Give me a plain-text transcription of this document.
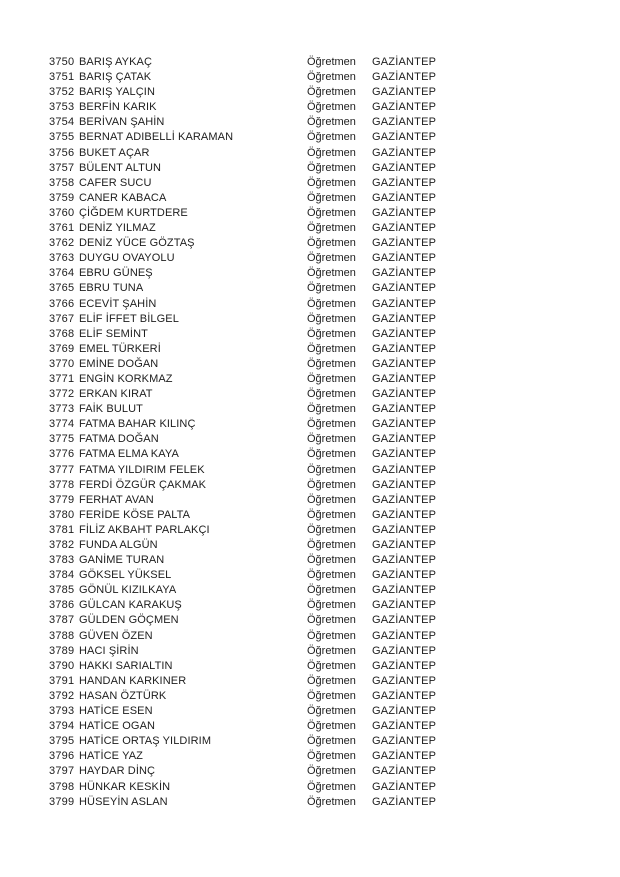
3750 BARIŞ AYKAÇ	Öğretmen	GAZİANTEP
3751 BARIŞ ÇATAK	Öğretmen	GAZİANTEP
3752 BARIŞ YALÇIN	Öğretmen	GAZİANTEP
3753 BERFİN KARIK	Öğretmen	GAZİANTEP
3754 BERİVAN ŞAHİN	Öğretmen	GAZİANTEP
3755 BERNAT ADIBELLİ KARAMAN	Öğretmen	GAZİANTEP
3756 BUKET AÇAR	Öğretmen	GAZİANTEP
3757 BÜLENT ALTUN	Öğretmen	GAZİANTEP
3758 CAFER SUCU	Öğretmen	GAZİANTEP
3759 CANER KABACA	Öğretmen	GAZİANTEP
3760 ÇİĞDEM KURTDERE	Öğretmen	GAZİANTEP
3761 DENİZ YILMAZ	Öğretmen	GAZİANTEP
3762 DENİZ YÜCE GÖZTAŞ	Öğretmen	GAZİANTEP
3763 DUYGU OVAYOLU	Öğretmen	GAZİANTEP
3764 EBRU GÜNEŞ	Öğretmen	GAZİANTEP
3765 EBRU TUNA	Öğretmen	GAZİANTEP
3766 ECEVİT ŞAHİN	Öğretmen	GAZİANTEP
3767 ELİF İFFET BİLGEL	Öğretmen	GAZİANTEP
3768 ELİF SEMİNT	Öğretmen	GAZİANTEP
3769 EMEL TÜRKERİ	Öğretmen	GAZİANTEP
3770 EMİNE DOĞAN	Öğretmen	GAZİANTEP
3771 ENGİN KORKMAZ	Öğretmen	GAZİANTEP
3772 ERKAN KIRAT	Öğretmen	GAZİANTEP
3773 FAİK BULUT	Öğretmen	GAZİANTEP
3774 FATMA BAHAR KILINÇ	Öğretmen	GAZİANTEP
3775 FATMA DOĞAN	Öğretmen	GAZİANTEP
3776 FATMA ELMA KAYA	Öğretmen	GAZİANTEP
3777 FATMA YILDIRIM FELEK	Öğretmen	GAZİANTEP
3778 FERDİ ÖZGÜR ÇAKMAK	Öğretmen	GAZİANTEP
3779 FERHAT AVAN	Öğretmen	GAZİANTEP
3780 FERİDE KÖSE PALTA	Öğretmen	GAZİANTEP
3781 FİLİZ AKBAHT PARLAKÇI	Öğretmen	GAZİANTEP
3782 FUNDA ALGÜN	Öğretmen	GAZİANTEP
3783 GANİME TURAN	Öğretmen	GAZİANTEP
3784 GÖKSEL YÜKSEL	Öğretmen	GAZİANTEP
3785 GÖNÜL KIZILKAYA	Öğretmen	GAZİANTEP
3786 GÜLCAN KARAKUŞ	Öğretmen	GAZİANTEP
3787 GÜLDEN GÖÇMEN	Öğretmen	GAZİANTEP
3788 GÜVEN ÖZEN	Öğretmen	GAZİANTEP
3789 HACI ŞİRİN	Öğretmen	GAZİANTEP
3790 HAKKI SARIALTIN	Öğretmen	GAZİANTEP
3791 HANDAN KARKINER	Öğretmen	GAZİANTEP
3792 HASAN ÖZTÜRK	Öğretmen	GAZİANTEP
3793 HATİCE ESEN	Öğretmen	GAZİANTEP
3794 HATİCE OGAN	Öğretmen	GAZİANTEP
3795 HATİCE ORTAŞ YILDIRIM	Öğretmen	GAZİANTEP
3796 HATİCE YAZ	Öğretmen	GAZİANTEP
3797 HAYDAR DİNÇ	Öğretmen	GAZİANTEP
3798 HÜNKAR KESKİN	Öğretmen	GAZİANTEP
3799 HÜSEYİN ASLAN	Öğretmen	GAZİANTEP
